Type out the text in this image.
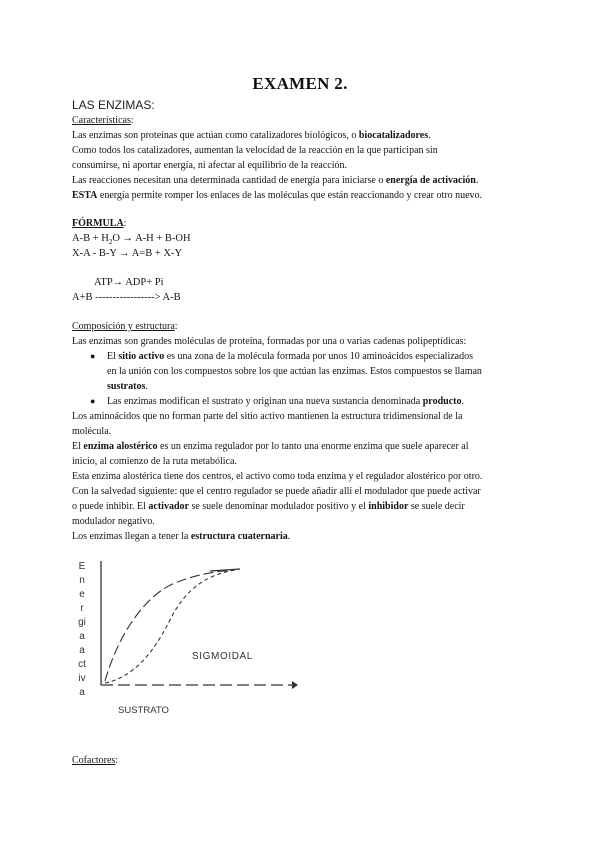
EXAMEN 2.
LAS ENZIMAS:
Características:
Las enzimas son proteínas que actúan como catalizadores biológicos, o biocatalizadores.
Como todos los catalizadores, aumentan la velocidad de la reacción en la que participan sin
consumirse, ni aportar energía, ni afectar al equilibrio de la reacción.
Las reacciones necesitan una determinada cantidad de energía para iniciarse o energía de activación.
ESTA energía permite romper los enlaces de las moléculas que están reaccionando y crear otro nuevo.
FÓRMULA:
$A-B + H_2O \to A-H + B-OH$
X-A - B-Y → A=B + X-Y
ATP→ ADP+ Pi
A+B -----------------> A-B
Composición y estructura:
Las enzimas son grandes moléculas de proteína, formadas por una o varias cadenas polipeptídicas:
● El sitio activo es una zona de la molécula formada por unos 10 aminoácidos especializados
en la unión con los compuestos sobre los que actúan las enzimas. Estos compuestos se llaman
sustratos.
● Las enzimas modifican el sustrato y originan una nueva sustancia denominada producto.
Los aminoácidos que no forman parte del sitio activo mantienen la estructura tridimensional de la
molécula.
El enzima alostérico es un enzima regulador por lo tanto una enorme enzima que suele aparecer al
inicio, al comienzo de la ruta metabólica.
Esta enzima alostérica tiene dos centros, el activo como toda enzima y el regulador alostérico por otro.
Con la salvedad siguiente: que el centro regulador se puede añadir allí el modulador que puede activar
o puede inhibir. El activador se suele denominar modulador positivo y el inhibidor se suele decir
modulador negativo.
Los enzimas llegan a tener la estructura cuaternaria.
E
n
e
r
gi
a
a
ct
iv
a
SIGMOIDAL
SUSTRATO
Cofactores:
